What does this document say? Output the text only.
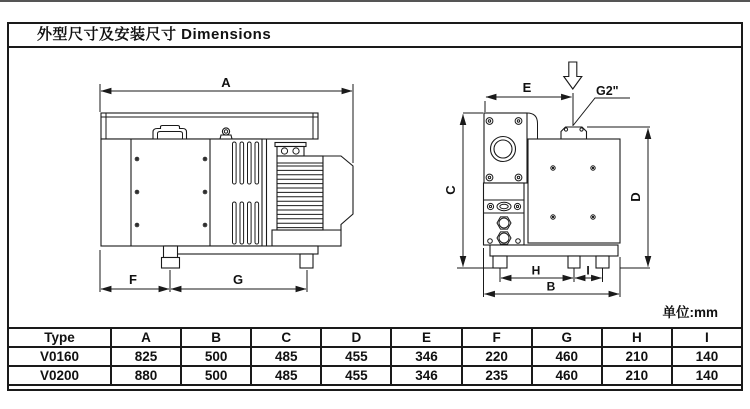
外型尺寸及安装尺寸 Dimensions
A
F	G
E
C
D
H	I
B
G2"
单位:mm
Type	A	B	C	D	E	F	G	H	I
V0160	825	500	485	455	346	220	460	210	140
V0200	880	500	485	455	346	235	460	210	140
